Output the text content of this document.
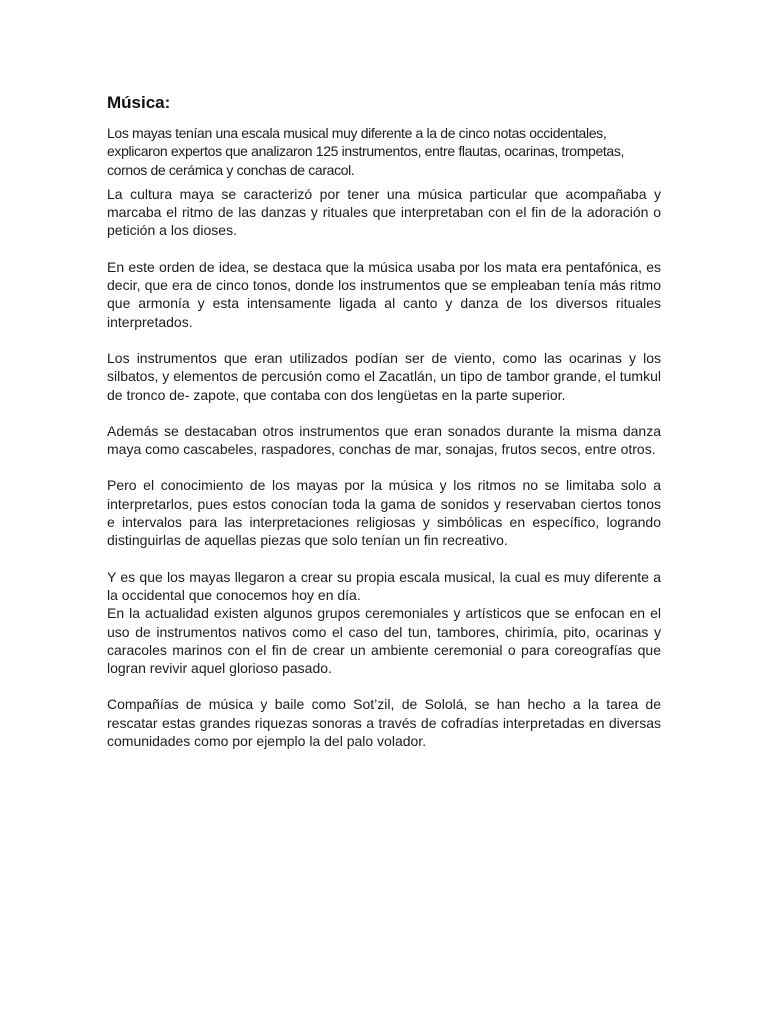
Música:

Los mayas tenían una escala musical muy diferente a la de cinco notas occidentales, explicaron expertos que analizaron 125 instrumentos, entre flautas, ocarinas, trompetas, cornos de cerámica y conchas de caracol.

La cultura maya se caracterizó por tener una música particular que acompañaba y marcaba el ritmo de las danzas y rituales que interpretaban con el fin de la adoración o petición a los dioses.

En este orden de idea, se destaca que la música usaba por los mata era pentafónica, es decir, que era de cinco tonos, donde los instrumentos que se empleaban tenía más ritmo que armonía y esta intensamente ligada al canto y danza de los diversos rituales interpretados.

Los instrumentos que eran utilizados podían ser de viento, como las ocarinas y los silbatos, y elementos de percusión como el Zacatlán, un tipo de tambor grande, el tumkul de tronco de- zapote, que contaba con dos lengüetas en la parte superior.

Además se destacaban otros instrumentos que eran sonados durante la misma danza maya como cascabeles, raspadores, conchas de mar, sonajas, frutos secos, entre otros.

Pero el conocimiento de los mayas por la música y los ritmos no se limitaba solo a interpretarlos, pues estos conocían toda la gama de sonidos y reservaban ciertos tonos e intervalos para las interpretaciones religiosas y simbólicas en específico, logrando distinguirlas de aquellas piezas que solo tenían un fin recreativo.

Y es que los mayas llegaron a crear su propia escala musical, la cual es muy diferente a la occidental que conocemos hoy en día.

En la actualidad existen algunos grupos ceremoniales y artísticos que se enfocan en el uso de instrumentos nativos como el caso del tun, tambores, chirimía, pito, ocarinas y caracoles marinos con el fin de crear un ambiente ceremonial o para coreografías que logran revivir aquel glorioso pasado.

Compañías de música y baile como Sot’zil, de Sololá, se han hecho a la tarea de rescatar estas grandes riquezas sonoras a través de cofradías interpretadas en diversas comunidades como por ejemplo la del palo volador.
